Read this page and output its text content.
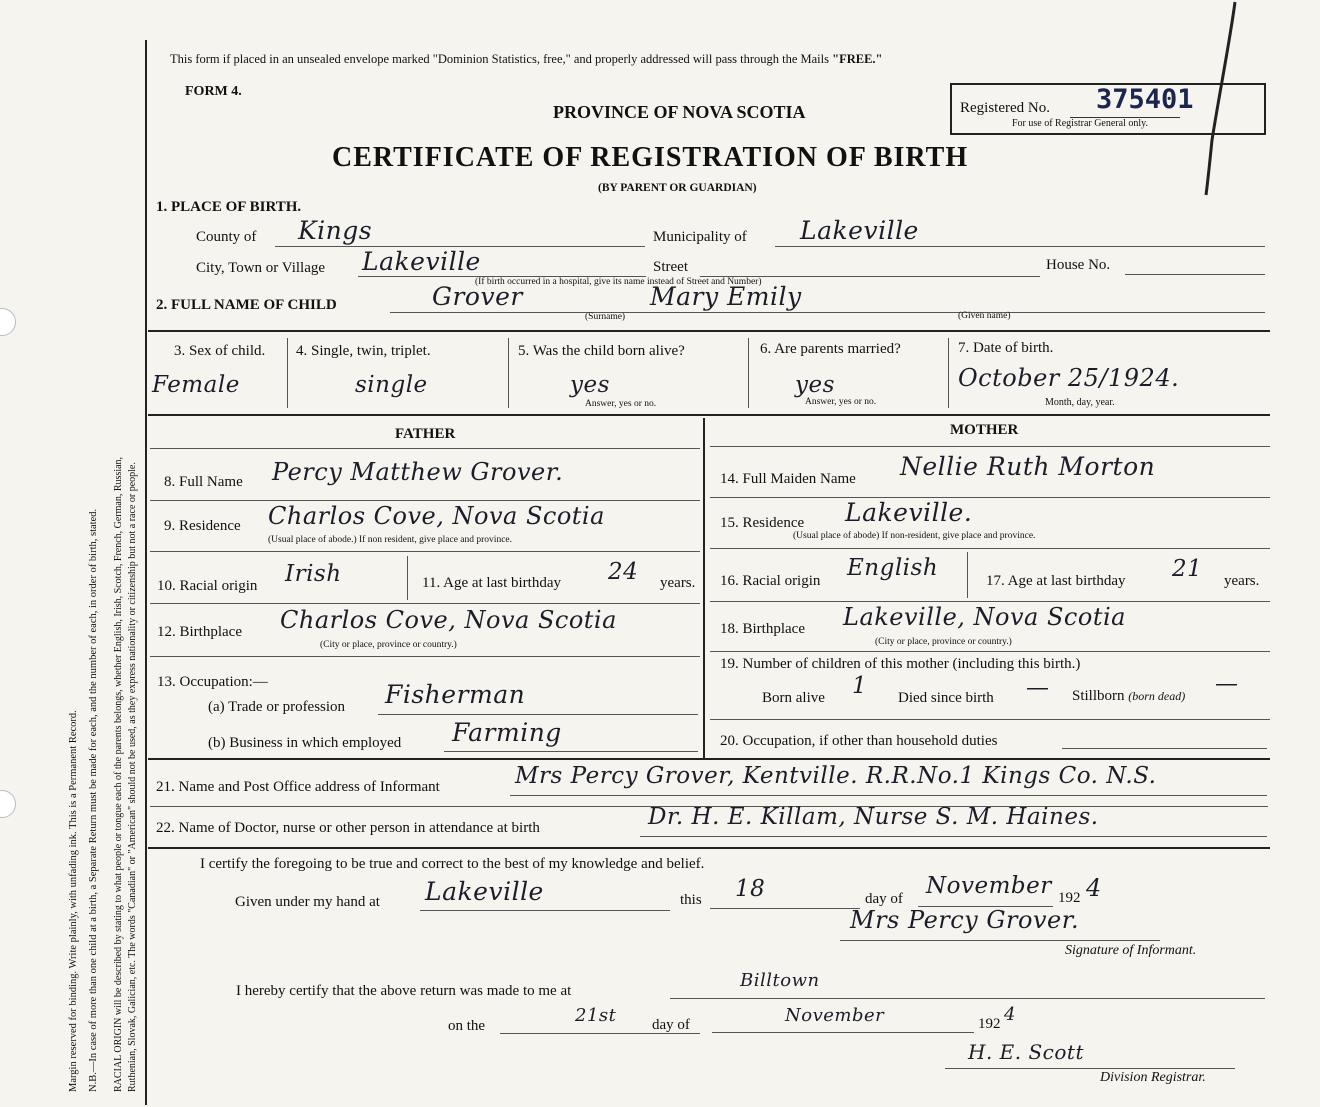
Margin reserved for binding. Write plainly, with unfading ink. This is a Permanent Record. N.B.—In case of more than one child at a birth, a Separate Return must be made for each, and the number of each, in order of birth, stated. RACIAL ORIGIN will be described by stating to what people or tongue each of the parents belongs, whether English, Irish, Scotch, French, German, Russian, Ruthenian, Slovak, Galician, etc. The words "Canadian" or "American" should not be used, as they express nationality or citizenship but not a race or people.
This form if placed in an unsealed envelope marked "Dominion Statistics, free," and properly addressed will pass through the Mails "FREE."
FORM 4.
PROVINCE OF NOVA SCOTIA
CERTIFICATE OF REGISTRATION OF BIRTH
(BY PARENT OR GUARDIAN)
Registered No. 375401
For use of Registrar General only.
1. PLACE OF BIRTH.
County of Kings	Municipality of Lakeville
City, Town or Village Lakeville	Street	House No.
(If birth occurred in a hospital, give its name instead of Street and Number)
2. FULL NAME OF CHILD	Grover	Mary Emily
(Surname)	(Given name)
3. Sex of child.
Female
4. Single, twin, triplet.
single
5. Was the child born alive?
yes
Answer, yes or no.
6. Are parents married?
yes
Answer, yes or no.
7. Date of birth.
October 25/1924.
Month, day, year.
FATHER	MOTHER
8. Full Name Percy Matthew Grover.
9. Residence Charlos Cove, Nova Scotia
(Usual place of abode.) If non resident, give place and province.
10. Racial origin Irish	11. Age at last birthday 24 years.
12. Birthplace Charlos Cove, Nova Scotia
(City or place, province or country.)
13. Occupation:—
(a) Trade or profession Fisherman
(b) Business in which employed Farming
14. Full Maiden Name Nellie Ruth Morton
15. Residence Lakeville.
(Usual place of abode) If non-resident, give place and province.
16. Racial origin English	17. Age at last birthday 21 years.
18. Birthplace Lakeville, Nova Scotia
(City or place, province or country.)
19. Number of children of this mother (including this birth.)
Born alive 1 Died since birth — Stillborn (born dead) —
20. Occupation, if other than household duties
21. Name and Post Office address of Informant	Mrs Percy Grover, Kentville. R.R.No.1 Kings Co. N.S.
22. Name of Doctor, nurse or other person in attendance at birth	Dr. H. E. Killam, Nurse S. M. Haines.
I certify the foregoing to be true and correct to the best of my knowledge and belief.
Given under my hand at Lakeville	this 18	day of November 192 4
Mrs Percy Grover.
Signature of Informant.
I hereby certify that the above return was made to me at	Billtown
on the	21st day of	November	192 4
H. E. Scott
Division Registrar.
